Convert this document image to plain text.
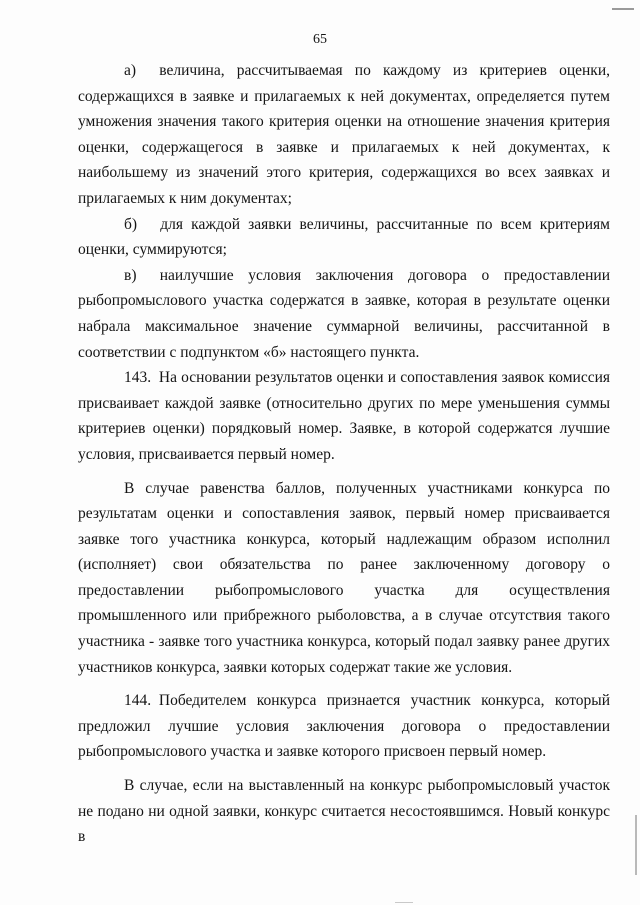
65

а)  величина, рассчитываемая по каждому из критериев оценки, содержащихся в заявке и прилагаемых к ней документах, определяется путем умножения значения такого критерия оценки на отношение значения критерия оценки, содержащегося в заявке и прилагаемых к ней документах, к наибольшему из значений этого критерия, содержащихся во всех заявках и прилагаемых к ним документах;

б)  для каждой заявки величины, рассчитанные по всем критериям оценки, суммируются;

в)  наилучшие условия заключения договора о предоставлении рыбопромыслового участка содержатся в заявке, которая в результате оценки набрала максимальное значение суммарной величины, рассчитанной в соответствии с подпунктом «б» настоящего пункта.

143. На основании результатов оценки и сопоставления заявок комиссия присваивает каждой заявке (относительно других по мере уменьшения суммы критериев оценки) порядковый номер. Заявке, в которой содержатся лучшие условия, присваивается первый номер.

В случае равенства баллов, полученных участниками конкурса по результатам оценки и сопоставления заявок, первый номер присваивается заявке того участника конкурса, который надлежащим образом исполнил (исполняет) свои обязательства по ранее заключенному договору о предоставлении рыбопромыслового участка для осуществления промышленного или прибрежного рыболовства, а в случае отсутствия такого участника - заявке того участника конкурса, который подал заявку ранее других участников конкурса, заявки которых содержат такие же условия.

144. Победителем конкурса признается участник конкурса, который предложил лучшие условия заключения договора о предоставлении рыбопромыслового участка и заявке которого присвоен первый номер.

В случае, если на выставленный на конкурс рыбопромысловый участок не подано ни одной заявки, конкурс считается несостоявшимся. Новый конкурс в
